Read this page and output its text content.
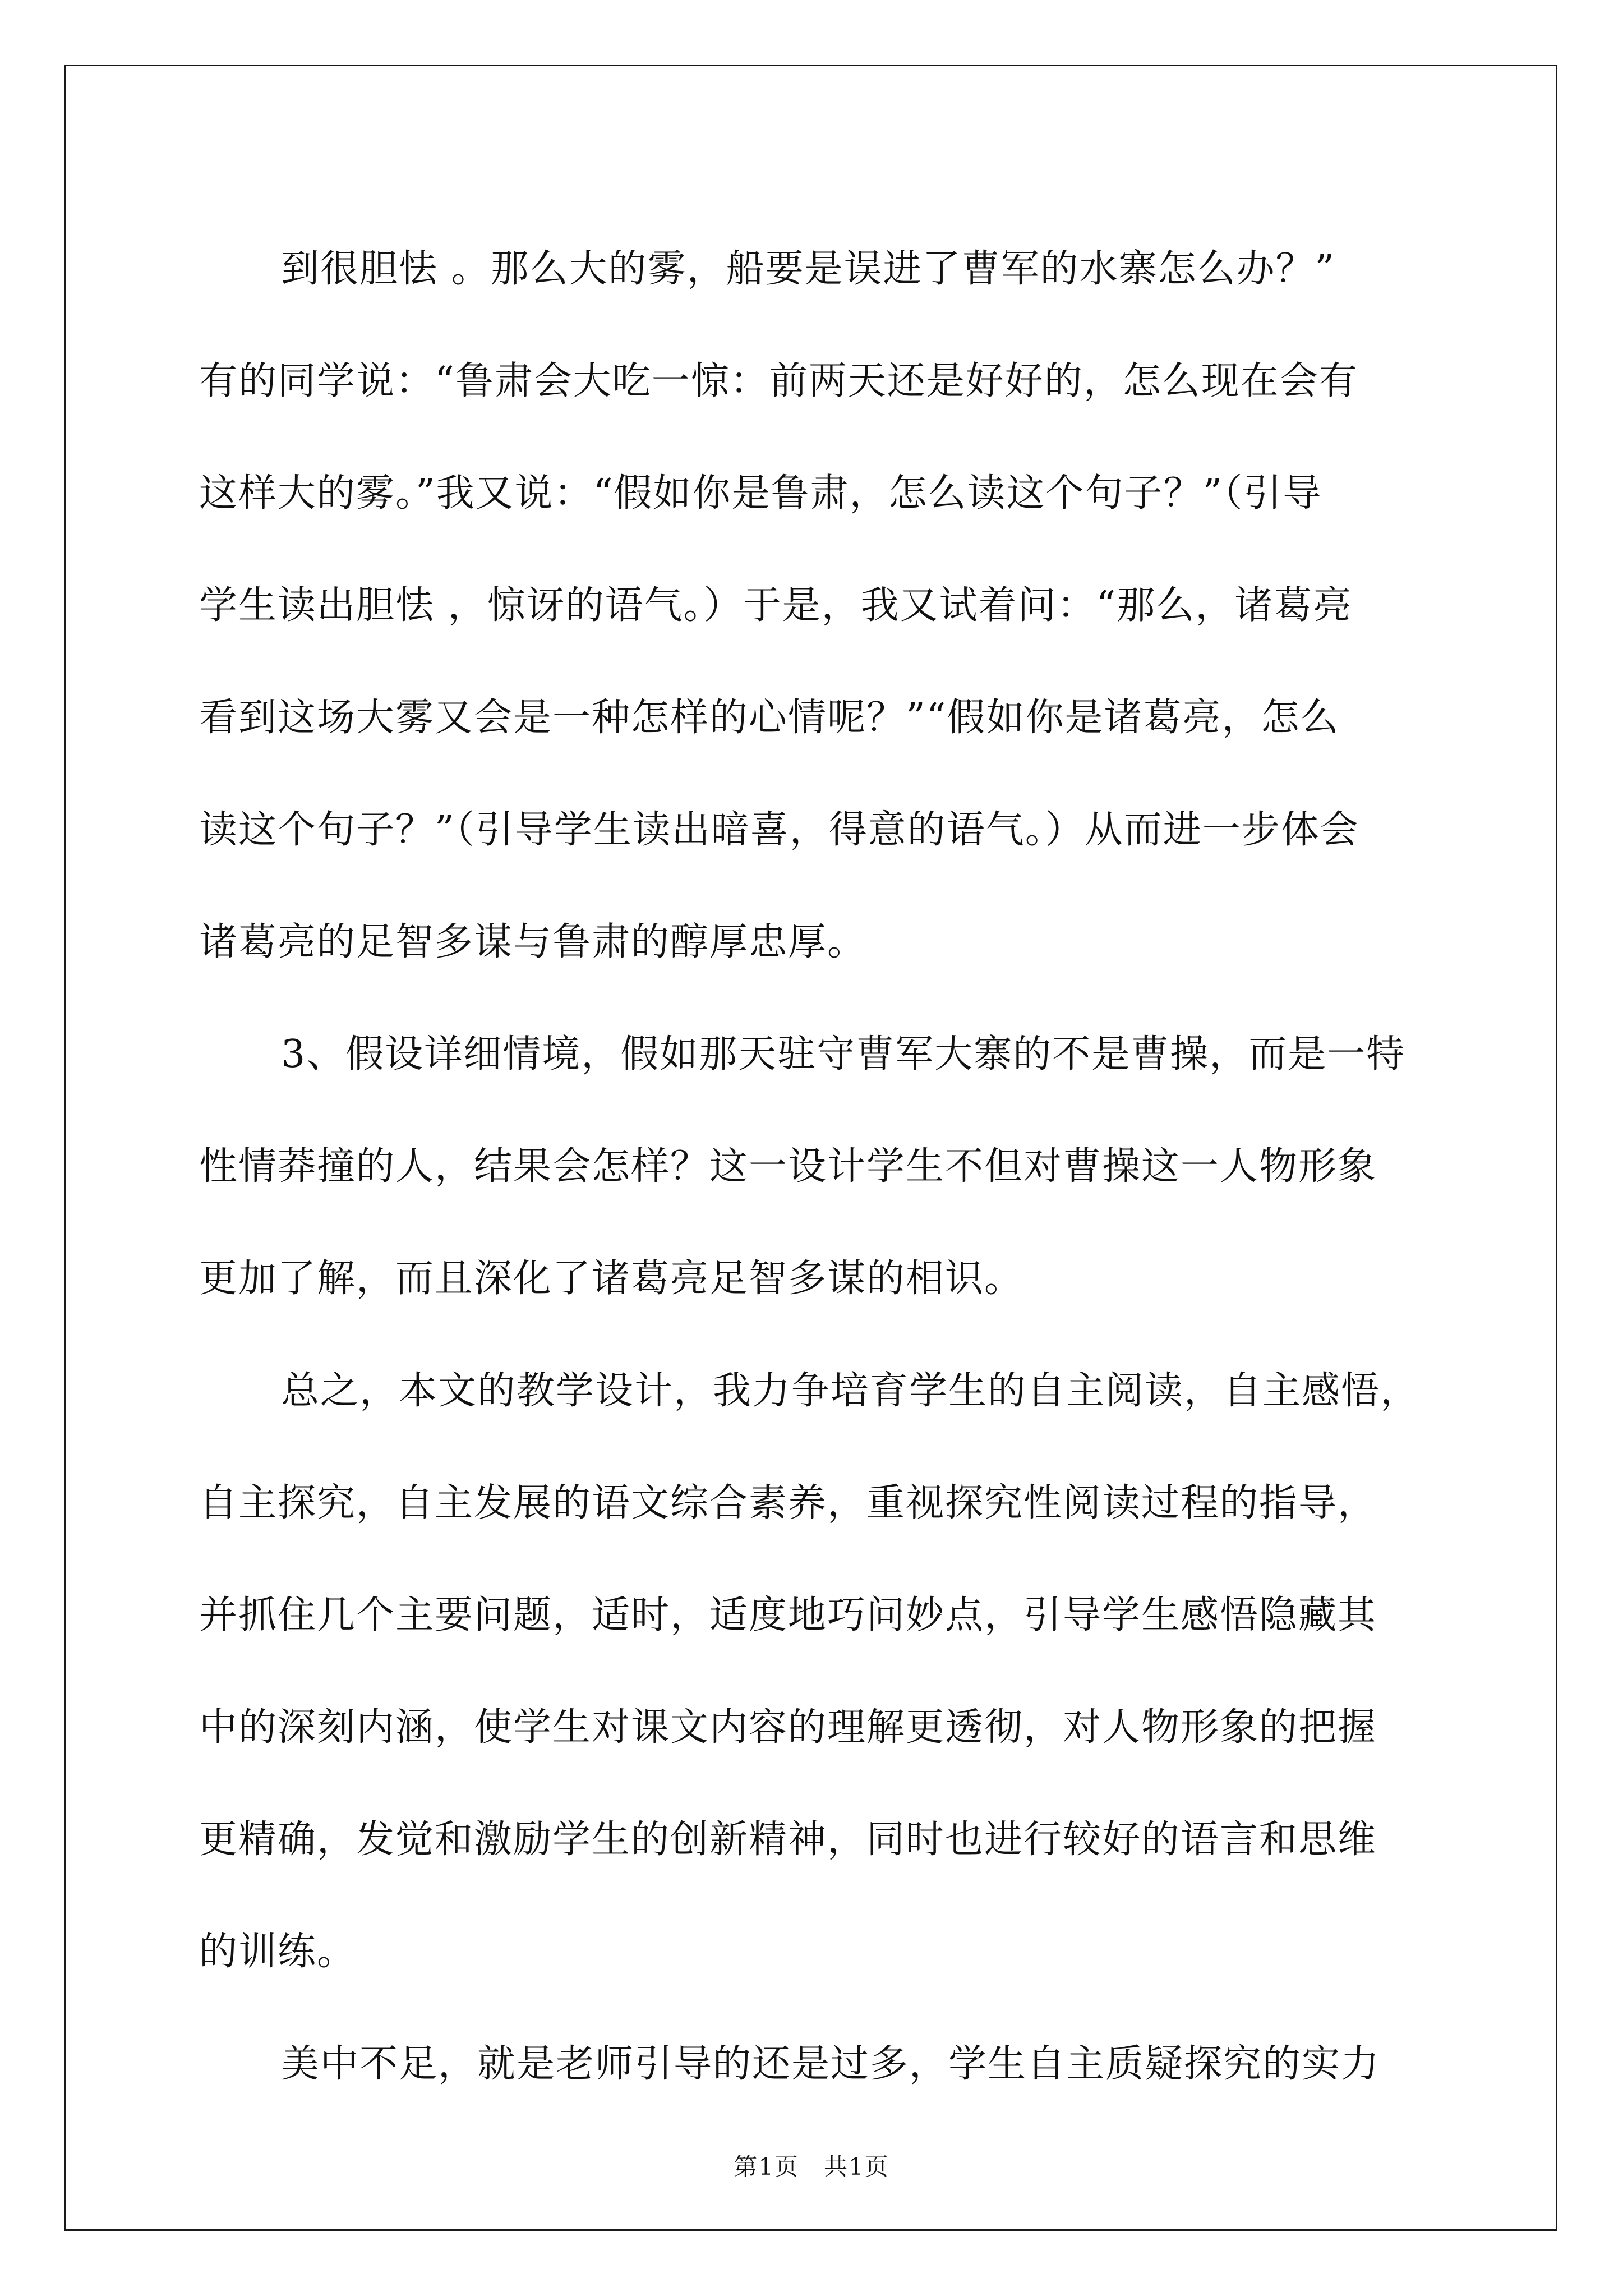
到很胆怯 。那么大的雾，船要是误进了曹军的水寨怎么办？”
有的同学说：“鲁肃会大吃一惊：前两天还是好好的，怎么现在会有
这样大的雾。”我又说：“假如你是鲁肃，怎么读这个句子？”（引导
学生读出胆怯 ，惊讶的语气。）于是，我又试着问：“那么，诸葛亮
看到这场大雾又会是一种怎样的心情呢？”“假如你是诸葛亮，怎么
读这个句子？”（引导学生读出暗喜，得意的语气。）从而进一步体会
诸葛亮的足智多谋与鲁肃的醇厚忠厚。

3、假设详细情境，假如那天驻守曹军大寨的不是曹操，而是一特
性情莽撞的人，结果会怎样？这一设计学生不但对曹操这一人物形象
更加了解，而且深化了诸葛亮足智多谋的相识。

总之，本文的教学设计，我力争培育学生的自主阅读，自主感悟，
自主探究，自主发展的语文综合素养，重视探究性阅读过程的指导，
并抓住几个主要问题，适时，适度地巧问妙点，引导学生感悟隐藏其
中的深刻内涵，使学生对课文内容的理解更透彻，对人物形象的把握
更精确，发觉和激励学生的创新精神，同时也进行较好的语言和思维
的训练。

美中不足，就是老师引导的还是过多，学生自主质疑探究的实力

第1页　共1页
